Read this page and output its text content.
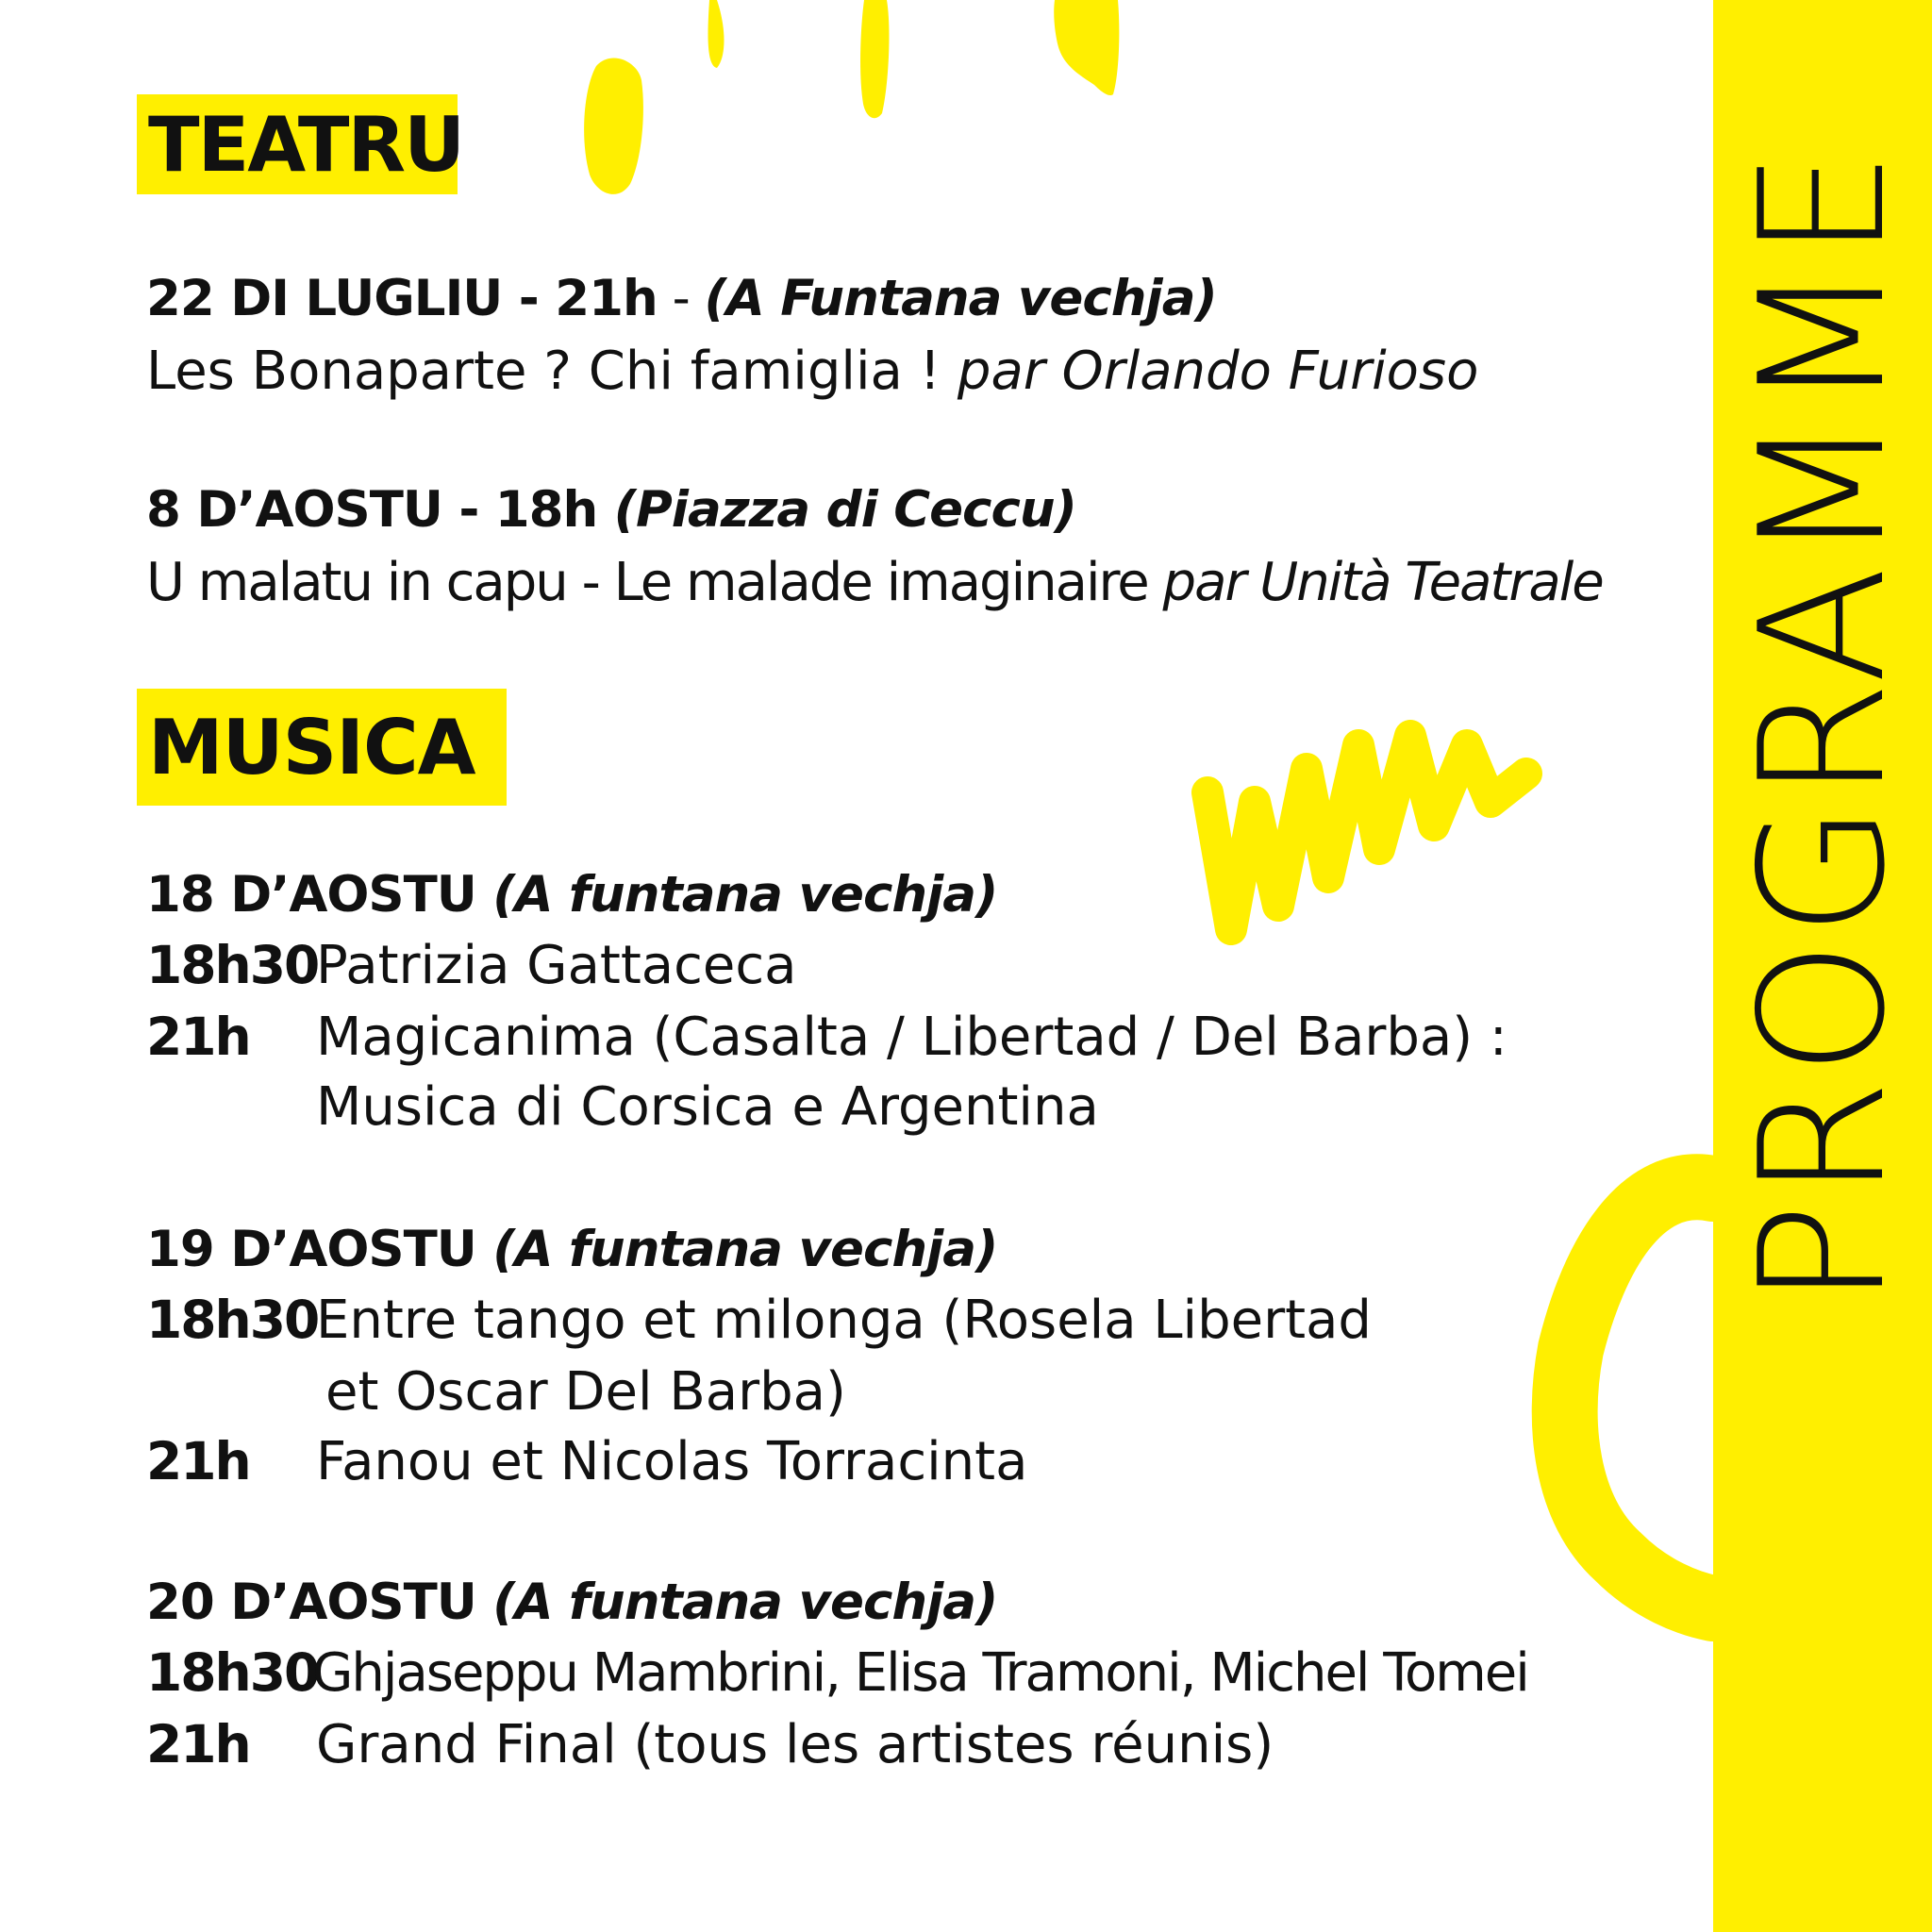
PROGRAMME
TEATRU
22 DI LUGLIU - 21h - (A Funtana vechja)
Les Bonaparte ? Chi famiglia ! par Orlando Furioso
8 D’AOSTU - 18h (Piazza di Ceccu)
U malatu in capu - Le malade imaginaire par Unità Teatrale
MUSICA
18 D’AOSTU (A funtana vechja)
18h30Patrizia Gattaceca
21h Magicanima (Casalta / Libertad / Del Barba) :
Musica di Corsica e Argentina
19 D’AOSTU (A funtana vechja)
18h30Entre tango et milonga (Rosela Libertad
et Oscar Del Barba)
21h Fanou et Nicolas Torracinta
20 D’AOSTU (A funtana vechja)
18h30Ghjaseppu Mambrini, Elisa Tramoni, Michel Tomei
21h Grand Final (tous les artistes réunis)
